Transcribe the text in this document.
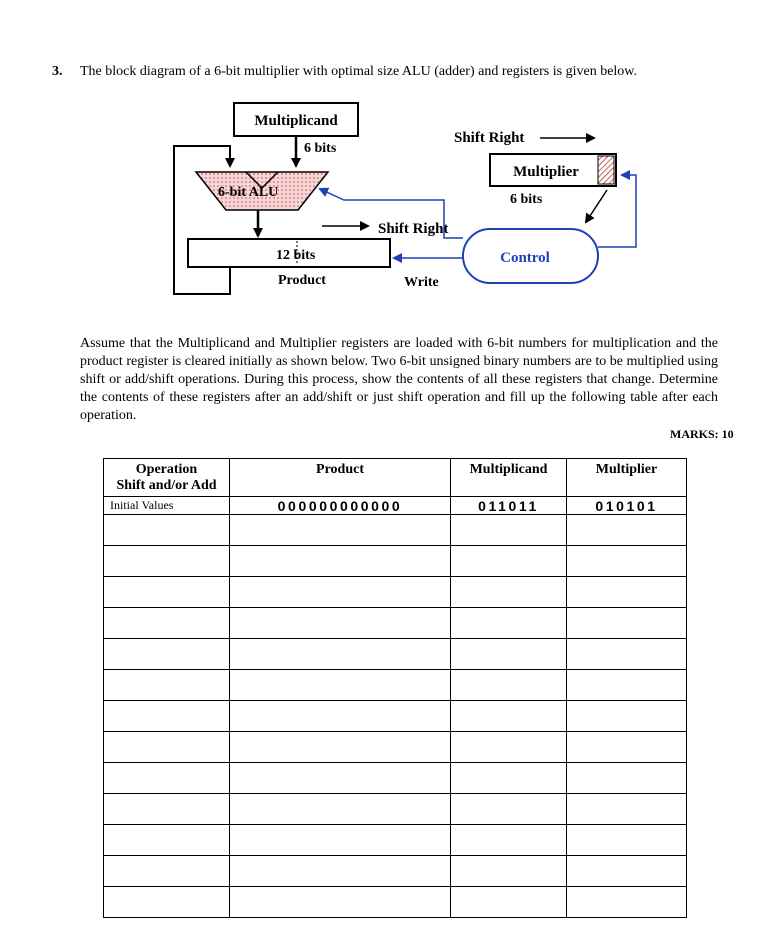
3. The block diagram of a 6-bit multiplier with optimal size ALU (adder) and registers is given below.
Multiplicand
6 bits
6-bit ALU
12 bits
Product
Shift Right
Shift Right
Multiplier
6 bits
Control
Write
Assume that the Multiplicand and Multiplier registers are loaded with 6-bit numbers for multiplication and the product register is cleared initially as shown below. Two 6-bit unsigned binary numbers are to be multiplied using shift or add/shift operations. During this process, show the contents of all these registers that change. Determine the contents of these registers after an add/shift or just shift operation and fill up the following table after each operation.
MARKS: 10
Operation
Shift and/or Add	Product	Multiplicand	Multiplier
Initial Values	000000000000	011011	010101
